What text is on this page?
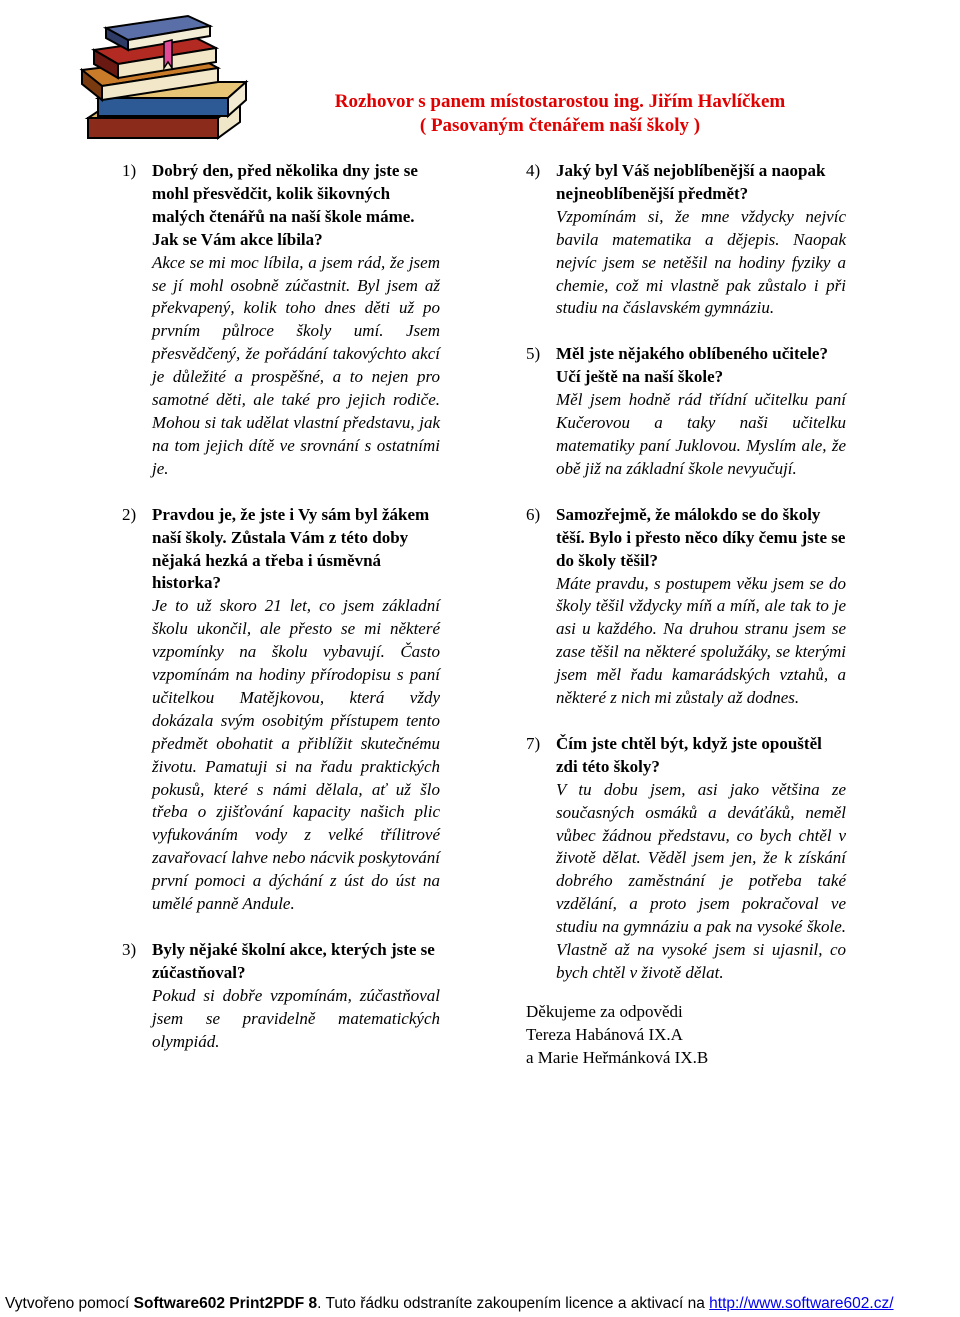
Rozhovor s panem místostarostou ing. Jiřím Havlíčkem
( Pasovaným čtenářem naší školy )
1) Dobrý den, před několika dny jste se mohl přesvědčit, kolik šikovných malých čtenářů na naší škole máme. Jak se Vám akce líbila?
Akce se mi moc líbila, a jsem rád, že jsem se jí mohl osobně zúčastnit. Byl jsem až překvapený, kolik toho dnes děti už po prvním půlroce školy umí. Jsem přesvědčený, že pořádání takovýchto akcí je důležité a prospěšné, a to nejen pro samotné děti, ale také pro jejich rodiče. Mohou si tak udělat vlastní představu, jak na tom jejich dítě ve srovnání s ostatními je.
2) Pravdou je, že jste i Vy sám byl žákem naší školy. Zůstala Vám z této doby nějaká hezká a třeba i úsměvná historka?
Je to už skoro 21 let, co jsem základní školu ukončil, ale přesto se mi některé vzpomínky na školu vybavují. Často vzpomínám na hodiny přírodopisu s paní učitelkou Matějkovou, která vždy dokázala svým osobitým přístupem tento předmět obohatit a přiblížit skutečnému životu. Pamatuji si na řadu praktických pokusů, které s námi dělala, ať už šlo třeba o zjišťování kapacity našich plic vyfukováním vody z velké třílitrové zavařovací lahve nebo nácvik poskytování první pomoci a dýchání z úst do úst na umělé panně Andule.
3) Byly nějaké školní akce, kterých jste se zúčastňoval?
Pokud si dobře vzpomínám, zúčastňoval jsem se pravidelně matematických olympiád.
4) Jaký byl Váš nejoblíbenější a naopak nejneoblíbenější předmět?
Vzpomínám si, že mne vždycky nejvíc bavila matematika a dějepis. Naopak nejvíc jsem se netěšil na hodiny fyziky a chemie, což mi vlastně pak zůstalo i při studiu na čáslavském gymnáziu.
5) Měl jste nějakého oblíbeného učitele? Učí ještě na naší škole?
Měl jsem hodně rád třídní učitelku paní Kučerovou a taky naši učitelku matematiky paní Juklovou. Myslím ale, že obě již na základní škole nevyučují.
6) Samozřejmě, že málokdo se do školy těší. Bylo i přesto něco díky čemu jste se do školy těšil?
Máte pravdu, s postupem věku jsem se do školy těšil vždycky míň a míň, ale tak to je asi u každého. Na druhou stranu jsem se zase těšil na některé spolužáky, se kterými jsem měl řadu kamarádských vztahů, a některé z nich mi zůstaly až dodnes.
7) Čím jste chtěl být, když jste opouštěl zdi této školy?
V tu dobu jsem, asi jako většina ze současných osmáků a deváťáků, neměl vůbec žádnou představu, co bych chtěl v životě dělat. Věděl jsem jen, že k získání dobrého zaměstnání je potřeba také vzdělání, a proto jsem pokračoval ve studiu na gymnáziu a pak na vysoké škole. Vlastně až na vysoké jsem si ujasnil, co bych chtěl v životě dělat.
Děkujeme za odpovědi
Tereza Habánová IX.A
a Marie Heřmánková IX.B
Vytvořeno pomocí Software602 Print2PDF 8. Tuto řádku odstraníte zakoupením licence a aktivací na http://www.software602.cz/
